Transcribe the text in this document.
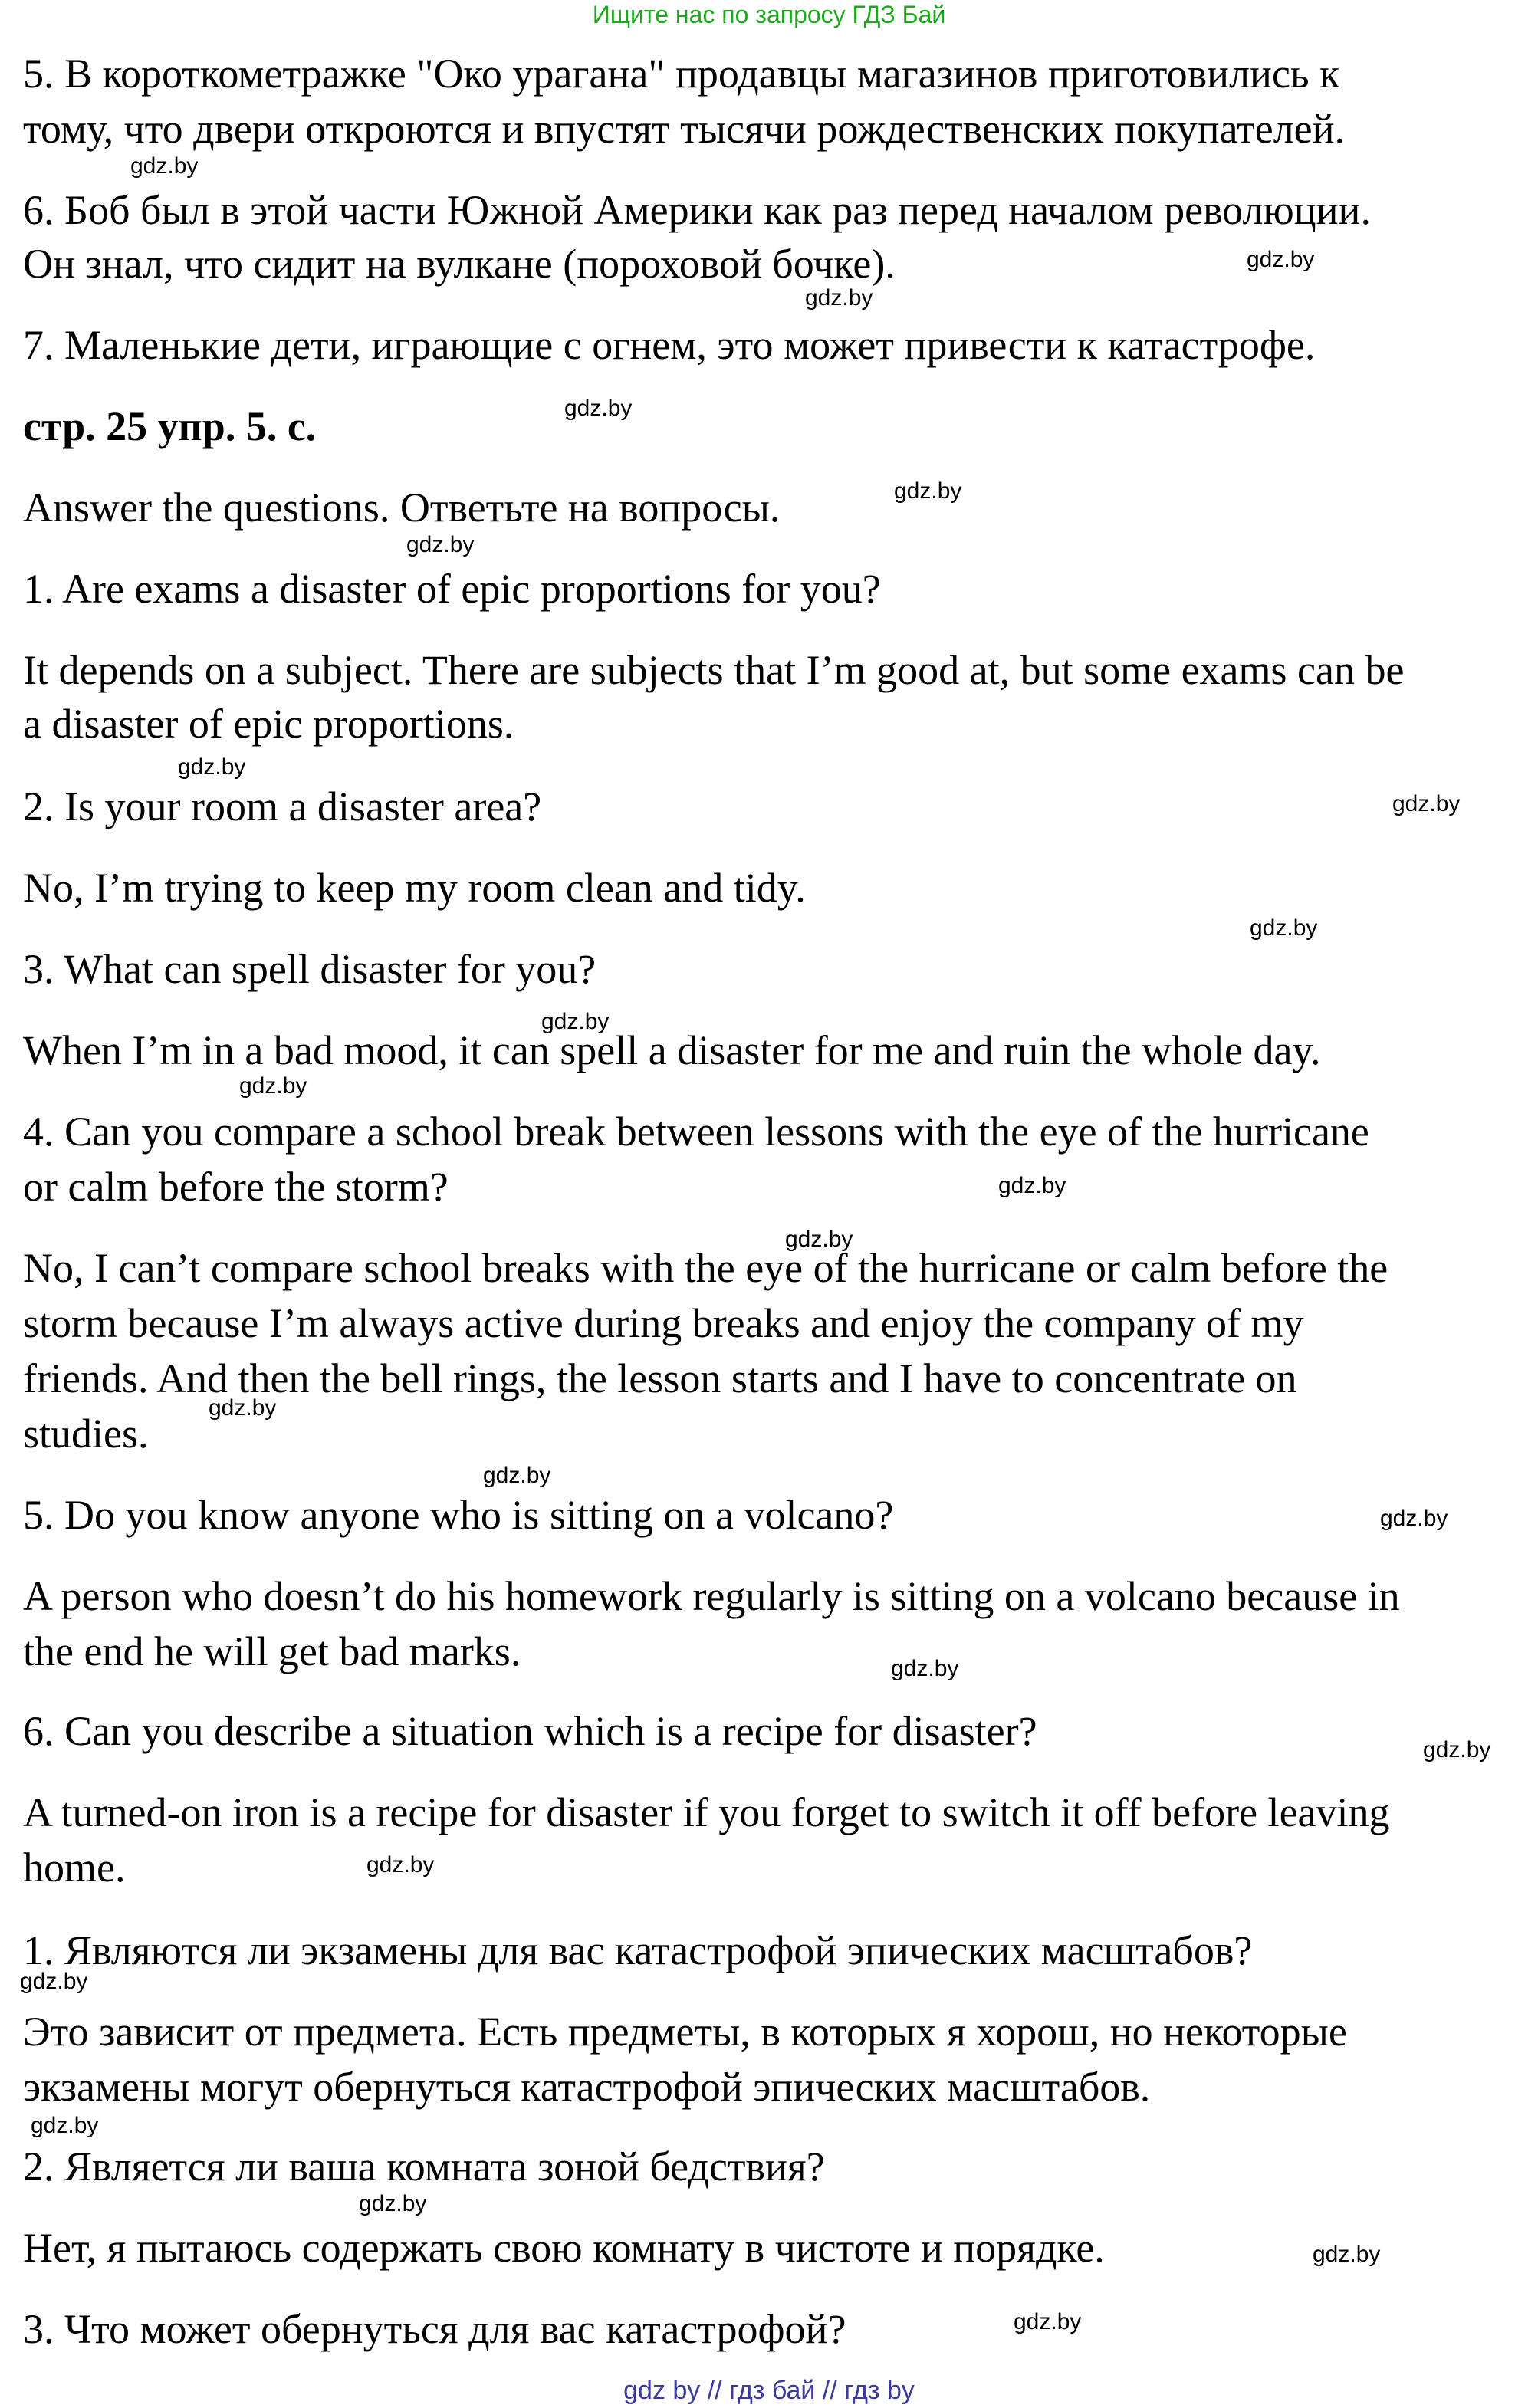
Ищите нас по запросу ГДЗ Бай
5. В короткометражке "Око урагана" продавцы магазинов приготовились к
тому, что двери откроются и впустят тысячи рождественских покупателей.
6. Боб был в этой части Южной Америки как раз перед началом революции.
Он знал, что сидит на вулкане (пороховой бочке).
7. Маленькие дети, играющие с огнем, это может привести к катастрофе.
стр. 25 упр. 5. с.
Answer the questions. Ответьте на вопросы.
1. Are exams a disaster of epic proportions for you?
It depends on a subject. There are subjects that I’m good at, but some exams can be
a disaster of epic proportions.
2. Is your room a disaster area?
No, I’m trying to keep my room clean and tidy.
3. What can spell disaster for you?
When I’m in a bad mood, it can spell a disaster for me and ruin the whole day.
4. Can you compare a school break between lessons with the eye of the hurricane
or calm before the storm?
No, I can’t compare school breaks with the eye of the hurricane or calm before the
storm because I’m always active during breaks and enjoy the company of my
friends. And then the bell rings, the lesson starts and I have to concentrate on
studies.
5. Do you know anyone who is sitting on a volcano?
A person who doesn’t do his homework regularly is sitting on a volcano because in
the end he will get bad marks.
6. Can you describe a situation which is a recipe for disaster?
A turned-on iron is a recipe for disaster if you forget to switch it off before leaving
home.
1. Являются ли экзамены для вас катастрофой эпических масштабов?
Это зависит от предмета. Есть предметы, в которых я хорош, но некоторые
экзамены могут обернуться катастрофой эпических масштабов.
2. Является ли ваша комната зоной бедствия?
Нет, я пытаюсь содержать свою комнату в чистоте и порядке.
3. Что может обернуться для вас катастрофой?
gdz.by
gdz.by
gdz.by
gdz.by
gdz.by
gdz.by
gdz.by
gdz.by
gdz.by
gdz.by
gdz.by
gdz.by
gdz.by
gdz.by
gdz.by
gdz.by
gdz.by
gdz.by
gdz.by
gdz.by
gdz.by
gdz.by
gdz.by
gdz.by
gdz by // гдз бай // гдз by
